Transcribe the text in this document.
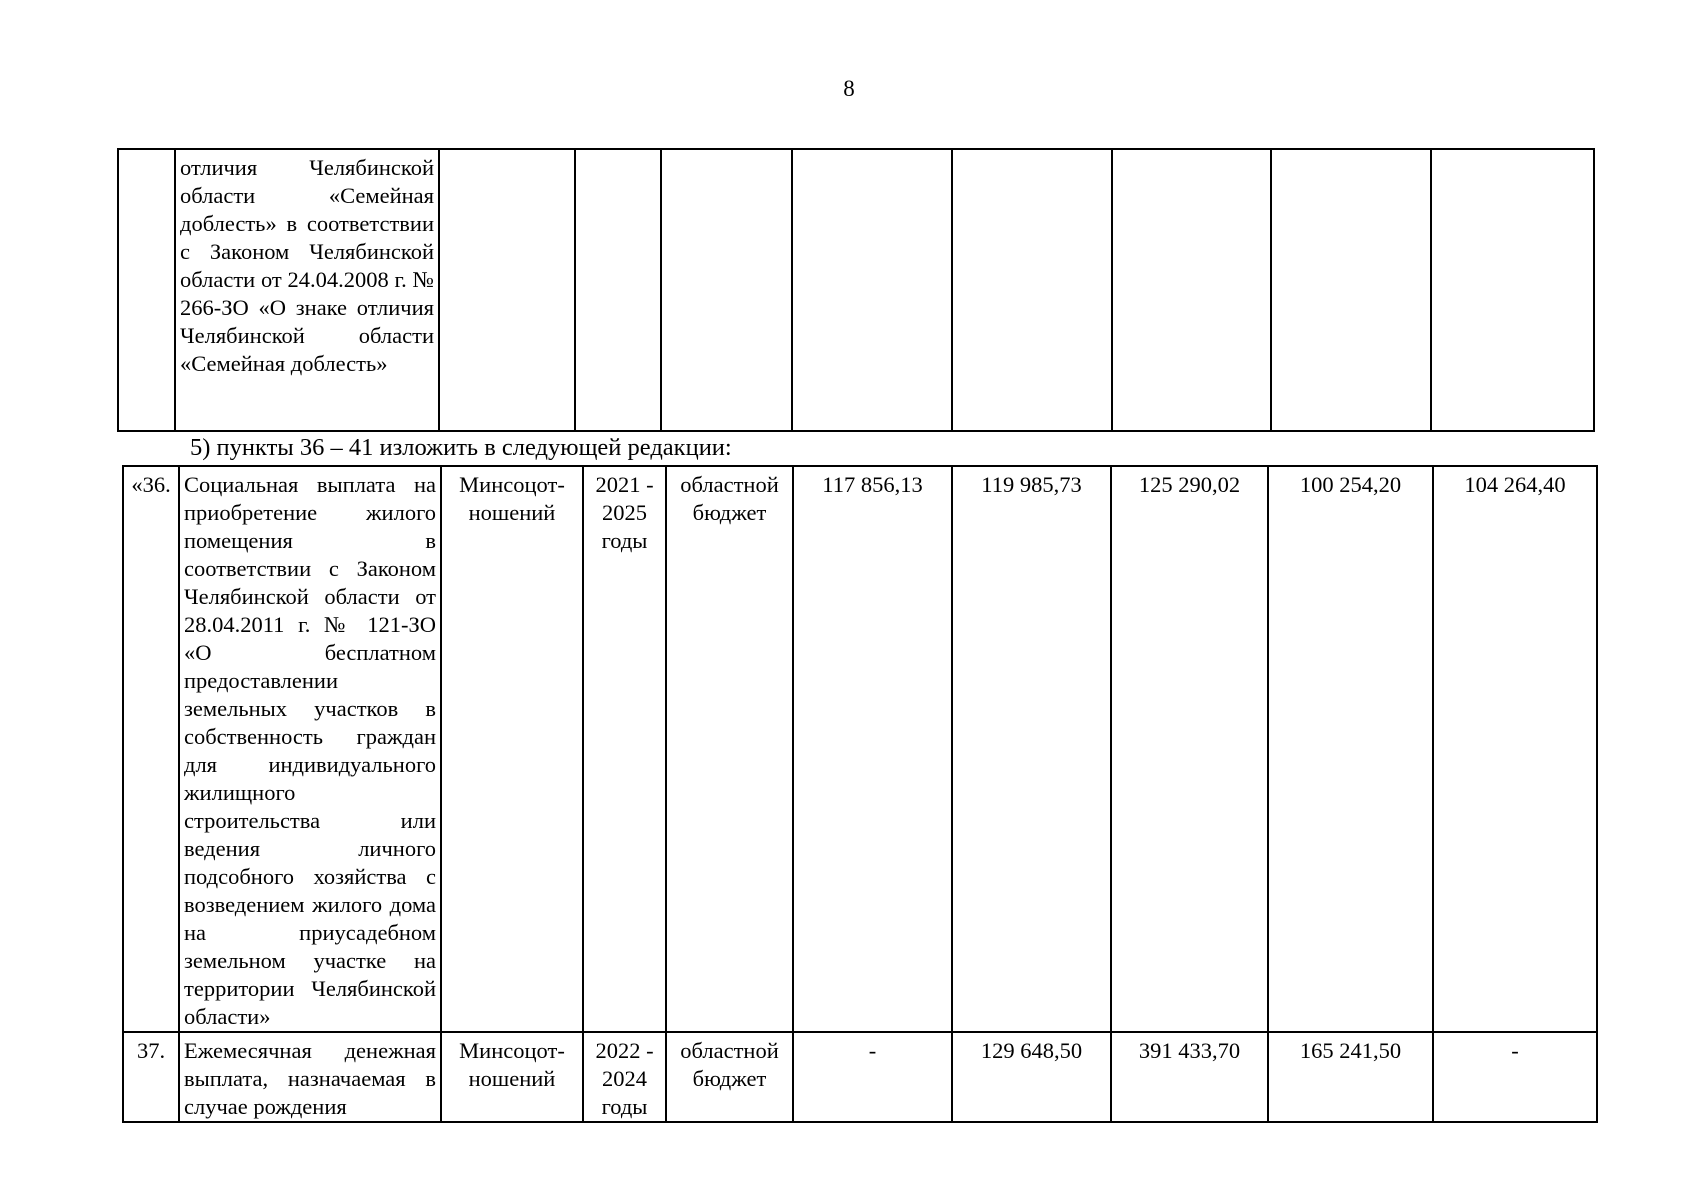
8
	отличия Челябинской области «Семейная доблесть» в соответствии с Законом Челябинской области от 24.04.2008 г. № 266-ЗО «О знаке отличия Челябинской области «Семейная доблесть»								
5) пункты 36 – 41 изложить в следующей редакции:
«36.	Социальная выплата на приобретение жилого помещения в соответствии с Законом Челябинской области от 28.04.2011 г. № 121-ЗО «О бесплатном предоставлении земельных участков в собственность граждан для индивидуального жилищного строительства или ведения личного подсобного хозяйства с возведением жилого дома на приусадебном земельном участке на территории Челябинской области»	Минсоцот-ношений	2021 - 2025 годы	областной бюджет	117 856,13	119 985,73	125 290,02	100 254,20	104 264,40
37.	Ежемесячная денежная выплата, назначаемая в случае рождения	Минсоцот-ношений	2022 - 2024 годы	областной бюджет	-	129 648,50	391 433,70	165 241,50	-
